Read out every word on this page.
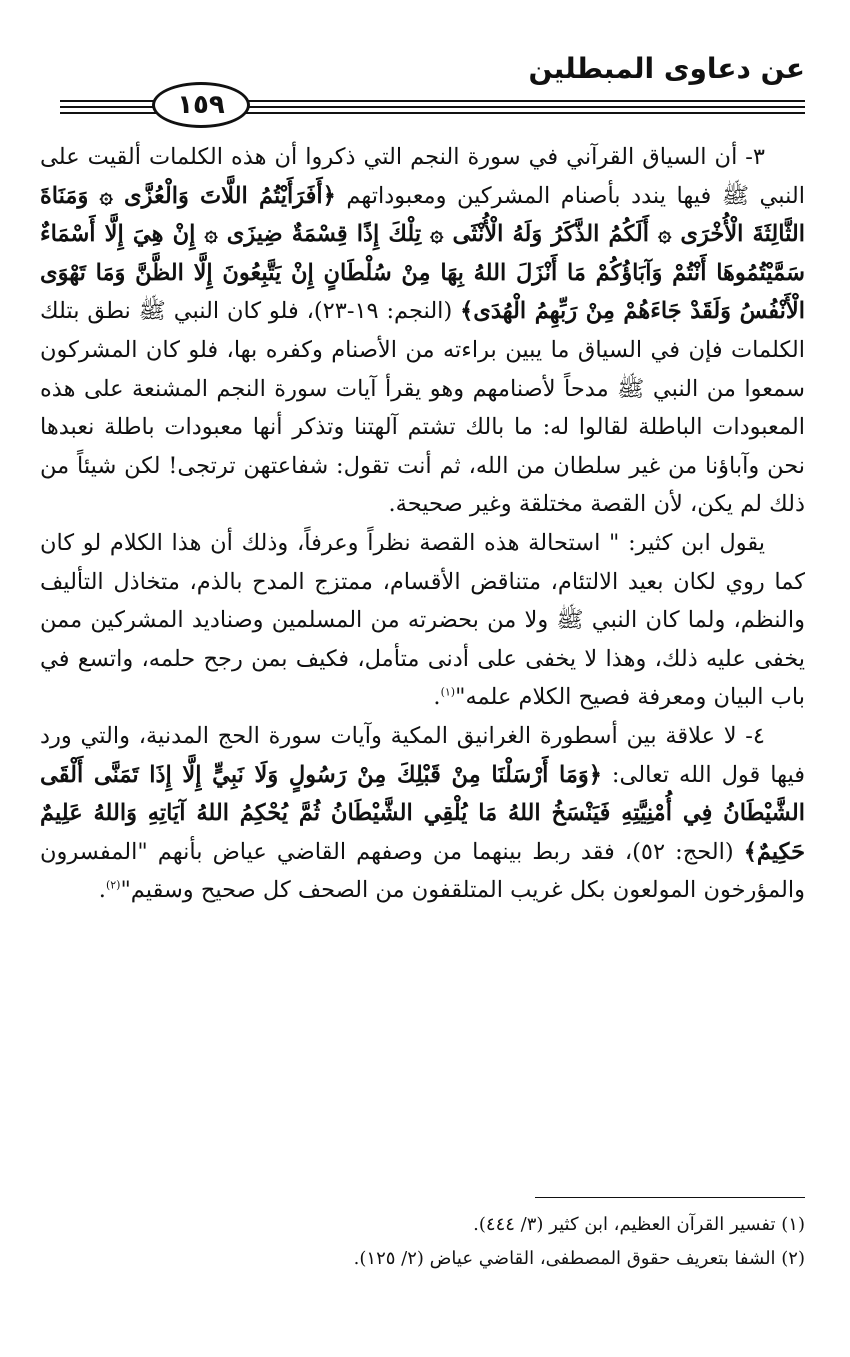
عن دعاوى المبطلين
١٥٩

٣- أن السياق القرآني في سورة النجم التي ذكروا أن هذه الكلمات ألقيت على النبي ﷺ فيها يندد بأصنام المشركين ومعبوداتهم ﴿أَفَرَأَيْتُمُ اللَّاتَ وَالْعُزَّى ۞ وَمَنَاةَ الثَّالِثَةَ الْأُخْرَى ۞ أَلَكُمُ الذَّكَرُ وَلَهُ الْأُنْثَى ۞ تِلْكَ إِذًا قِسْمَةٌ ضِيزَى ۞ إِنْ هِيَ إِلَّا أَسْمَاءٌ سَمَّيْتُمُوهَا أَنْتُمْ وَآبَاؤُكُمْ مَا أَنْزَلَ اللهُ بِهَا مِنْ سُلْطَانٍ إِنْ يَتَّبِعُونَ إِلَّا الظَّنَّ وَمَا تَهْوَى الْأَنْفُسُ وَلَقَدْ جَاءَهُمْ مِنْ رَبِّهِمُ الْهُدَى﴾ (النجم: ١٩-٢٣)، فلو كان النبي ﷺ نطق بتلك الكلمات فإن في السياق ما يبين براءته من الأصنام وكفره بها، فلو كان المشركون سمعوا من النبي ﷺ مدحاً لأصنامهم وهو يقرأ آيات سورة النجم المشنعة على هذه المعبودات الباطلة لقالوا له: ما بالك تشتم آلهتنا وتذكر أنها معبودات باطلة نعبدها نحن وآباؤنا من غير سلطان من الله، ثم أنت تقول: شفاعتهن ترتجى! لكن شيئاً من ذلك لم يكن، لأن القصة مختلقة وغير صحيحة.

يقول ابن كثير: " استحالة هذه القصة نظراً وعرفاً، وذلك أن هذا الكلام لو كان كما روي لكان بعيد الالتئام، متناقض الأقسام، ممتزج المدح بالذم، متخاذل التأليف والنظم، ولما كان النبي ﷺ ولا من بحضرته من المسلمين وصناديد المشركين ممن يخفى عليه ذلك، وهذا لا يخفى على أدنى متأمل، فكيف بمن رجح حلمه، واتسع في باب البيان ومعرفة فصيح الكلام علمه"$^{(١)}$.

٤- لا علاقة بين أسطورة الغرانيق المكية وآيات سورة الحج المدنية، والتي ورد فيها قول الله تعالى: ﴿وَمَا أَرْسَلْنَا مِنْ قَبْلِكَ مِنْ رَسُولٍ وَلَا نَبِيٍّ إِلَّا إِذَا تَمَنَّى أَلْقَى الشَّيْطَانُ فِي أُمْنِيَّتِهِ فَيَنْسَخُ اللهُ مَا يُلْقِي الشَّيْطَانُ ثُمَّ يُحْكِمُ اللهُ آيَاتِهِ وَاللهُ عَلِيمٌ حَكِيمٌ﴾ (الحج: ٥٢)، فقد ربط بينهما من وصفهم القاضي عياض بأنهم "المفسرون والمؤرخون المولعون بكل غريب المتلقفون من الصحف كل صحيح وسقيم"$^{(٢)}$.

(١) تفسير القرآن العظيم، ابن كثير (٣/ ٤٤٤).
(٢) الشفا بتعريف حقوق المصطفى، القاضي عياض (٢/ ١٢٥).
